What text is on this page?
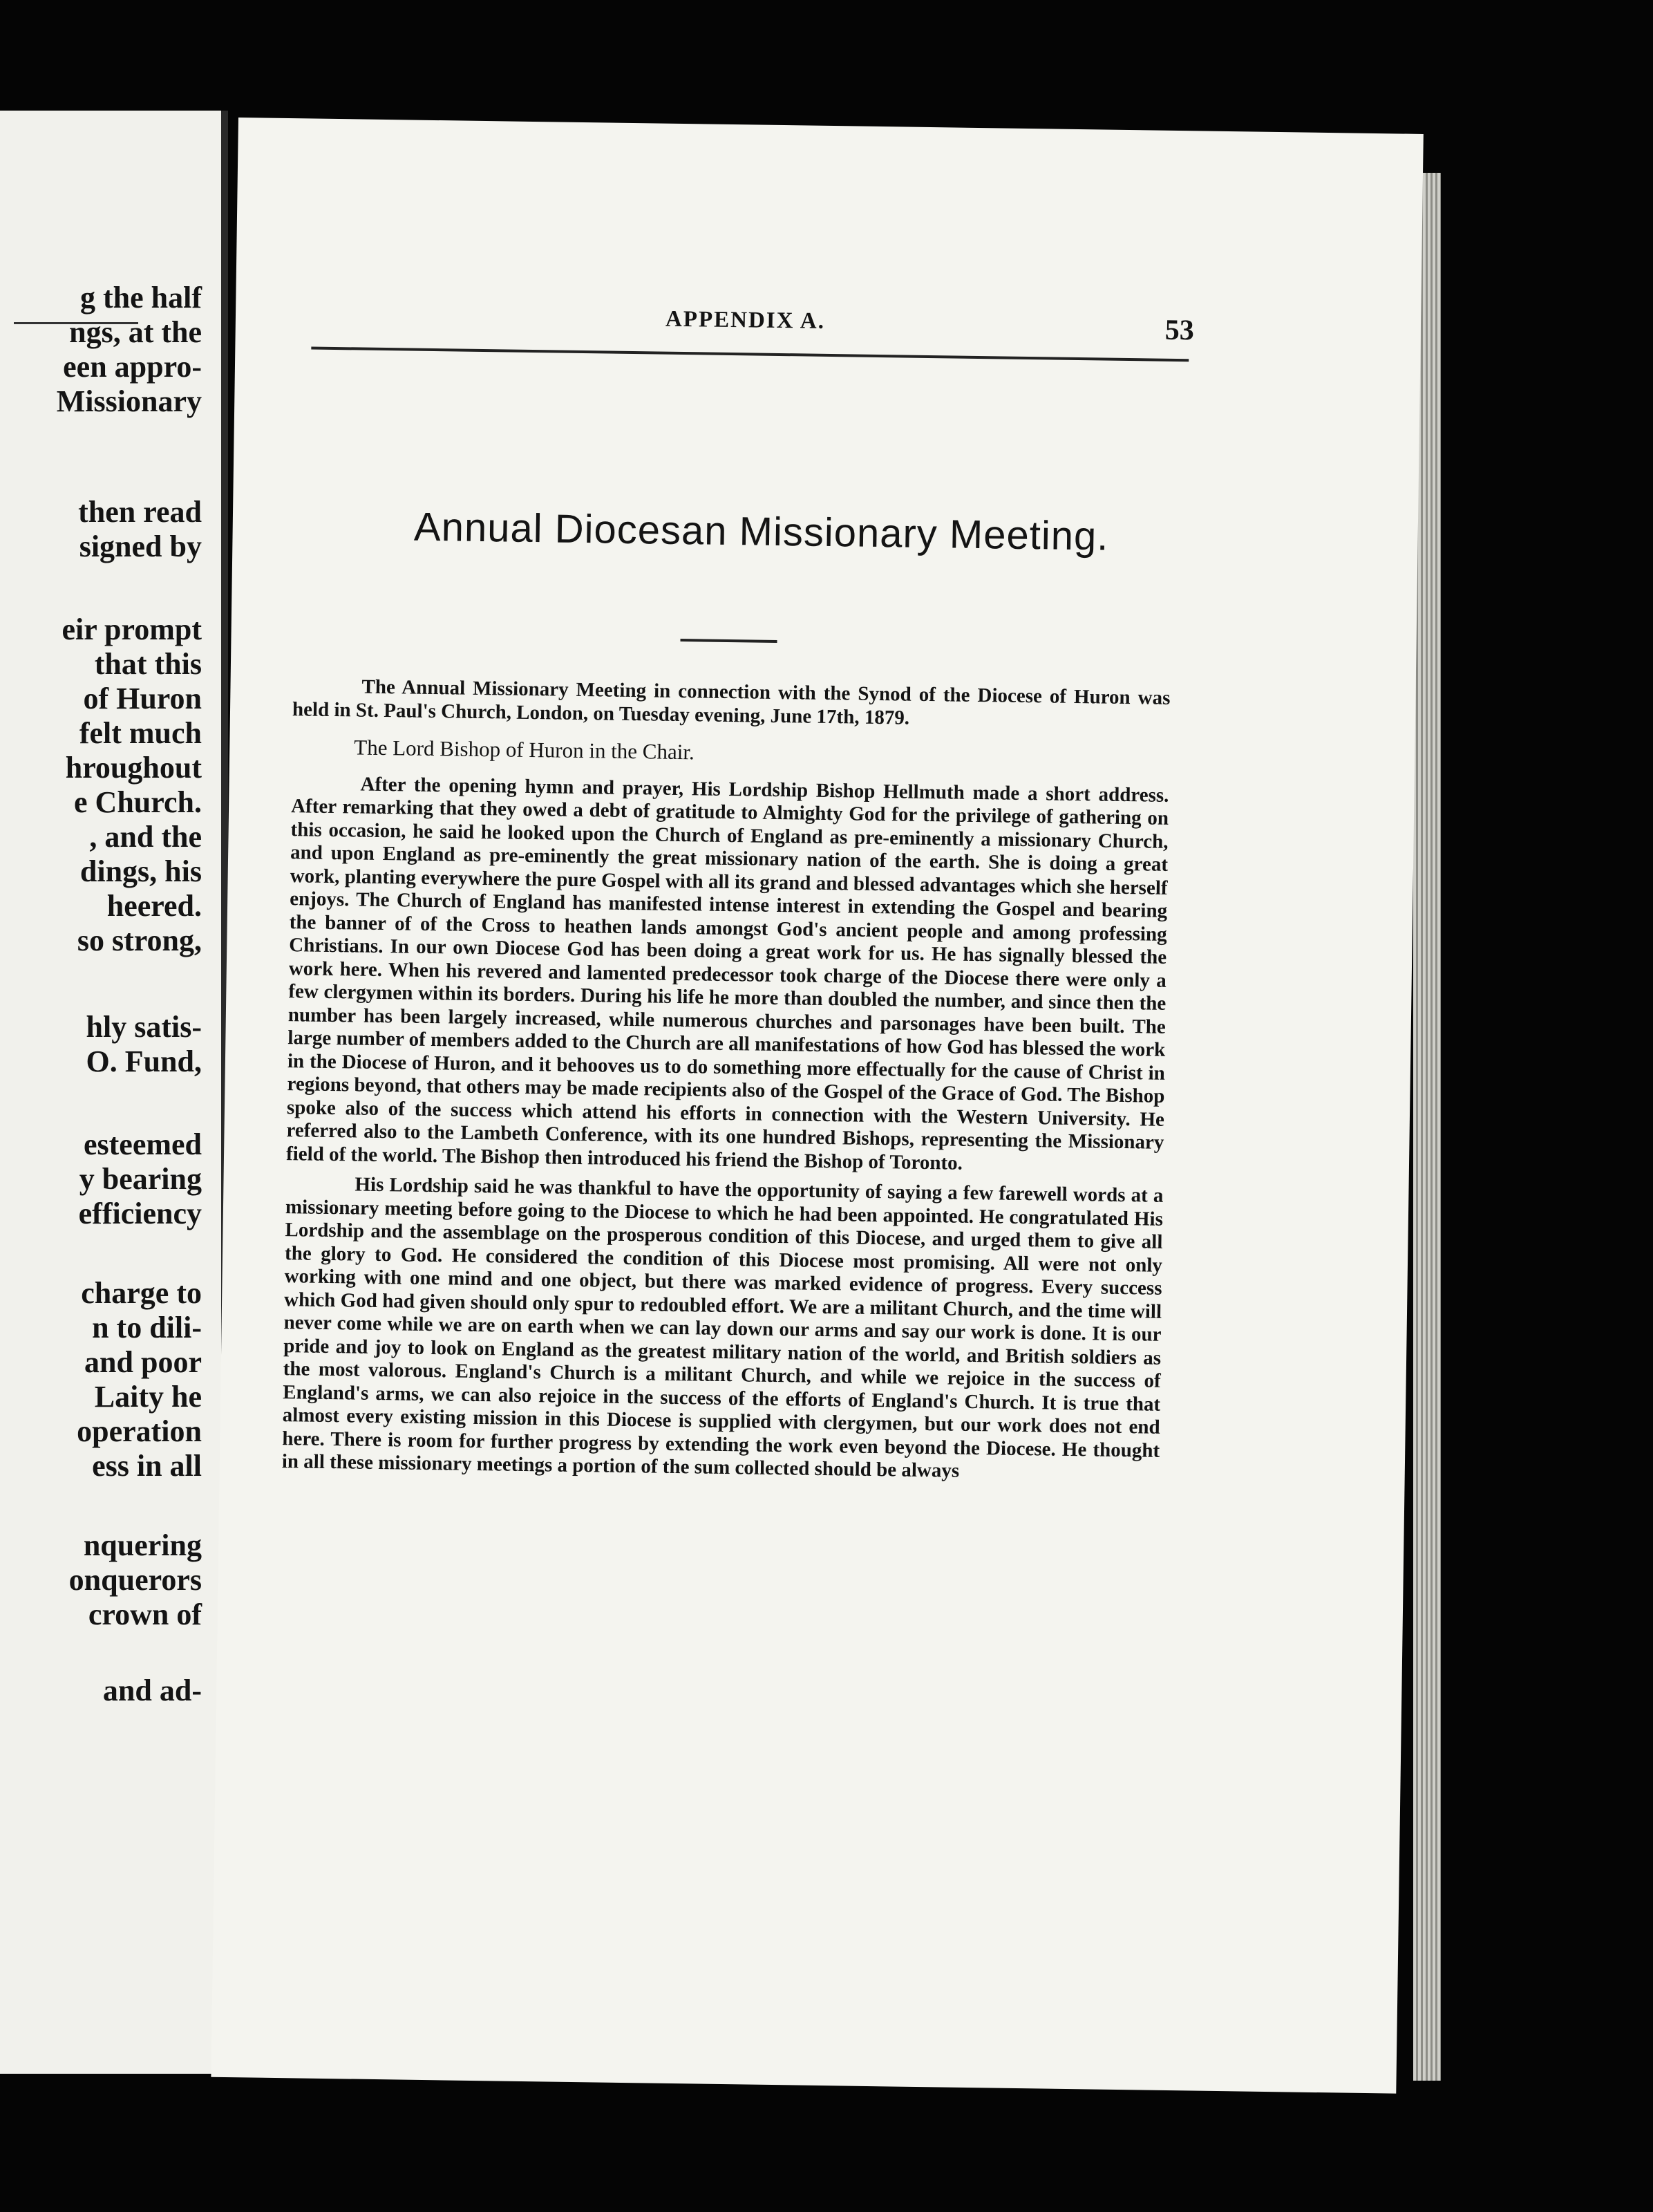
g the half
ngs, at the
een appro-
Missionary
then read
signed by
eir prompt
that this
of Huron
felt much
hroughout
e Church.
, and the
dings, his
heered.
so strong,
hly satis-
O. Fund,
esteemed
y bearing
efficiency
charge to
n to dili-
and poor
Laity he
operation
ess in all
nquering
onquerors
crown of
and ad-
APPENDIX A.	53
Annual Diocesan Missionary Meeting.

The Annual Missionary Meeting in connection with the Synod of the Diocese of Huron was held in St. Paul's Church, London, on Tuesday evening, June 17th, 1879.

The Lord Bishop of Huron in the Chair.

After the opening hymn and prayer, His Lordship Bishop Hellmuth made a short address. After remarking that they owed a debt of gratitude to Almighty God for the privilege of gathering on this occasion, he said he looked upon the Church of England as pre-eminently a missionary Church, and upon England as pre-eminently the great missionary nation of the earth. She is doing a great work, planting everywhere the pure Gospel with all its grand and blessed advantages which she herself enjoys. The Church of England has manifested intense interest in extending the Gospel and bearing the banner of of the Cross to heathen lands amongst God's ancient people and among professing Christians. In our own Diocese God has been doing a great work for us. He has signally blessed the work here. When his revered and lamented predecessor took charge of the Diocese there were only a few clergymen within its borders. During his life he more than doubled the number, and since then the number has been largely increased, while numerous churches and parsonages have been built. The large number of members added to the Church are all manifestations of how God has blessed the work in the Diocese of Huron, and it behooves us to do something more effectually for the cause of Christ in regions beyond, that others may be made recipients also of the Gospel of the Grace of God. The Bishop spoke also of the success which attend his efforts in connection with the Western University. He referred also to the Lambeth Conference, with its one hundred Bishops, representing the Missionary field of the world. The Bishop then introduced his friend the Bishop of Toronto.

His Lordship said he was thankful to have the opportunity of saying a few farewell words at a missionary meeting before going to the Diocese to which he had been appointed. He congratulated His Lordship and the assemblage on the prosperous condition of this Diocese, and urged them to give all the glory to God. He considered the condition of this Diocese most promising. All were not only working with one mind and one object, but there was marked evidence of progress. Every success which God had given should only spur to redoubled effort. We are a militant Church, and the time will never come while we are on earth when we can lay down our arms and say our work is done. It is our pride and joy to look on England as the greatest military nation of the world, and British soldiers as the most valorous. England's Church is a militant Church, and while we rejoice in the success of England's arms, we can also rejoice in the success of the efforts of England's Church. It is true that almost every existing mission in this Diocese is supplied with clergymen, but our work does not end here. There is room for further progress by extending the work even beyond the Diocese. He thought in all these missionary meetings a portion of the sum collected should be always
